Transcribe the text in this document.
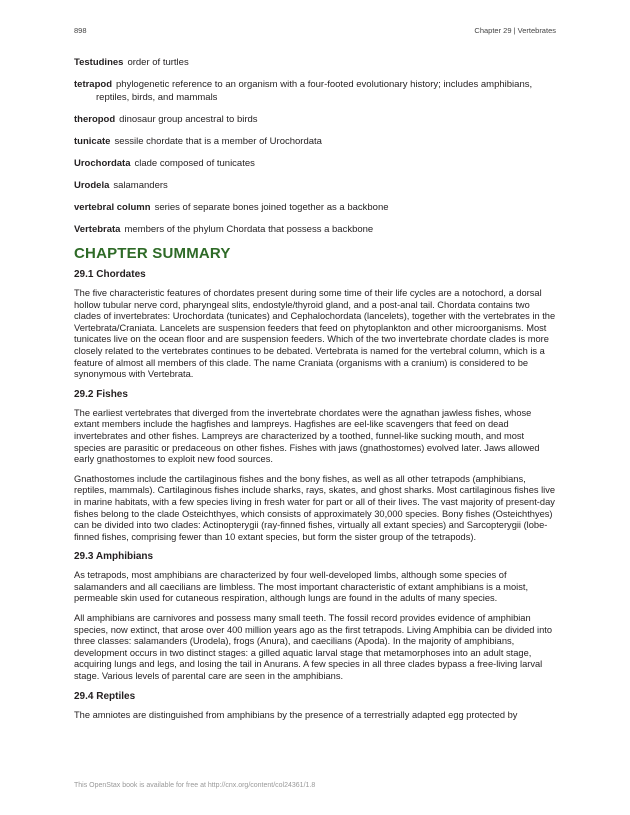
898	Chapter 29 | Vertebrates

Testudines order of turtles

tetrapod phylogenetic reference to an organism with a four-footed evolutionary history; includes amphibians, reptiles, birds, and mammals

theropod dinosaur group ancestral to birds

tunicate sessile chordate that is a member of Urochordata

Urochordata clade composed of tunicates

Urodela salamanders

vertebral column series of separate bones joined together as a backbone

Vertebrata members of the phylum Chordata that possess a backbone

CHAPTER SUMMARY
29.1 Chordates

The five characteristic features of chordates present during some time of their life cycles are a notochord, a dorsal hollow tubular nerve cord, pharyngeal slits, endostyle/thyroid gland, and a post-anal tail. Chordata contains two clades of invertebrates: Urochordata (tunicates) and Cephalochordata (lancelets), together with the vertebrates in the Vertebrata/Craniata. Lancelets are suspension feeders that feed on phytoplankton and other microorganisms. Most tunicates live on the ocean floor and are suspension feeders. Which of the two invertebrate chordate clades is more closely related to the vertebrates continues to be debated. Vertebrata is named for the vertebral column, which is a feature of almost all members of this clade. The name Craniata (organisms with a cranium) is considered to be synonymous with Vertebrata.

29.2 Fishes

The earliest vertebrates that diverged from the invertebrate chordates were the agnathan jawless fishes, whose extant members include the hagfishes and lampreys. Hagfishes are eel-like scavengers that feed on dead invertebrates and other fishes. Lampreys are characterized by a toothed, funnel-like sucking mouth, and most species are parasitic or predaceous on other fishes. Fishes with jaws (gnathostomes) evolved later. Jaws allowed early gnathostomes to exploit new food sources.

Gnathostomes include the cartilaginous fishes and the bony fishes, as well as all other tetrapods (amphibians, reptiles, mammals). Cartilaginous fishes include sharks, rays, skates, and ghost sharks. Most cartilaginous fishes live in marine habitats, with a few species living in fresh water for part or all of their lives. The vast majority of present-day fishes belong to the clade Osteichthyes, which consists of approximately 30,000 species. Bony fishes (Osteichthyes) can be divided into two clades: Actinopterygii (ray-finned fishes, virtually all extant species) and Sarcopterygii (lobe-finned fishes, comprising fewer than 10 extant species, but form the sister group of the tetrapods).

29.3 Amphibians

As tetrapods, most amphibians are characterized by four well-developed limbs, although some species of salamanders and all caecilians are limbless. The most important characteristic of extant amphibians is a moist, permeable skin used for cutaneous respiration, although lungs are found in the adults of many species.

All amphibians are carnivores and possess many small teeth. The fossil record provides evidence of amphibian species, now extinct, that arose over 400 million years ago as the first tetrapods. Living Amphibia can be divided into three classes: salamanders (Urodela), frogs (Anura), and caecilians (Apoda). In the majority of amphibians, development occurs in two distinct stages: a gilled aquatic larval stage that metamorphoses into an adult stage, acquiring lungs and legs, and losing the tail in Anurans. A few species in all three clades bypass a free-living larval stage. Various levels of parental care are seen in the amphibians.

29.4 Reptiles

The amniotes are distinguished from amphibians by the presence of a terrestrially adapted egg protected by

This OpenStax book is available for free at http://cnx.org/content/col24361/1.8
